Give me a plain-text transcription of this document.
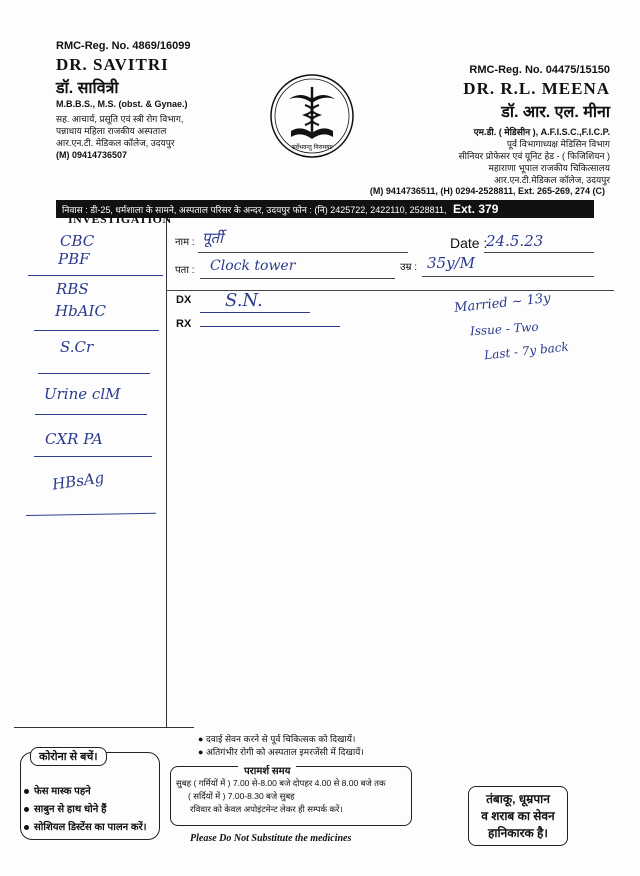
RMC-Reg. No. 4869/16099
DR. SAVITRI
डॉ. सावित्री
M.B.B.S., M.S. (obst. & Gynae.)
सह. आचार्य, प्रसूति एवं स्त्री रोग विभाग,
पन्नाधाय महिला राजकीय अस्पताल
आर.एन.टी. मेडिकल कॉलेज, उदयपुर
(M) 09414736507
सर्वेभवन्तु निरामयाः
RMC-Reg. No. 04475/15150
DR. R.L. MEENA
डॉ. आर. एल. मीना
एम.डी. ( मेडिसीन ), A.F.I.S.C.,F.I.C.P.
पूर्व विभागाध्यक्ष मेडिसिन विभाग
सीनियर प्रोफेसर एवं यूनिट हेड - ( फिजिशियन )
महाराणा भूपाल राजकीय चिकित्सालय
आर.एन.टी.मेडिकल कॉलेज, उदयपुर
(M) 9414736511, (H) 0294-2528811, Ext. 265-269, 274 (C)
निवास : डी-25, धर्मशाला के सामने, अस्पताल परिसर के अन्दर, उदयपुर फोन : (नि) 2425722, 2422110, 2528811, Ext. 379
INVESTIGATION
CBC
PBF
RBS
HbAIC
S.Cr
Urine clM
CXR PA
HBsAg
नाम : पूर्ती	Date :
24.5.23
पता : Clock tower	उम्र : 35y/M
DX S.N.
RX
Married ~ 13y
Issue - Two
Last - 7y back
● दवाई सेवन करने से पूर्व चिकित्सक को दिखायें।
● अतिगंभीर रोगी को अस्पताल इमरजेंसी में दिखायें।
कोरोना से बचें।
फेस मास्क पहने
साबुन से हाथ धोने हैं
सोशियल डिस्टेंस का पालन करें।
परामर्श समय
सुबह ( गर्मियों में ) 7.00 से-8.00 बजे दोपहर 4.00 से 8.00 बजे तक
( सर्दियों में ) 7.00-8.30 बजे सुबह
रविवार को केवल अपोइंटमेन्ट लेकर ही सम्पर्क करें।
तंबाकू, धूम्रपान
व शराब का सेवन
हानिकारक है।
Please Do Not Substitute the medicines
